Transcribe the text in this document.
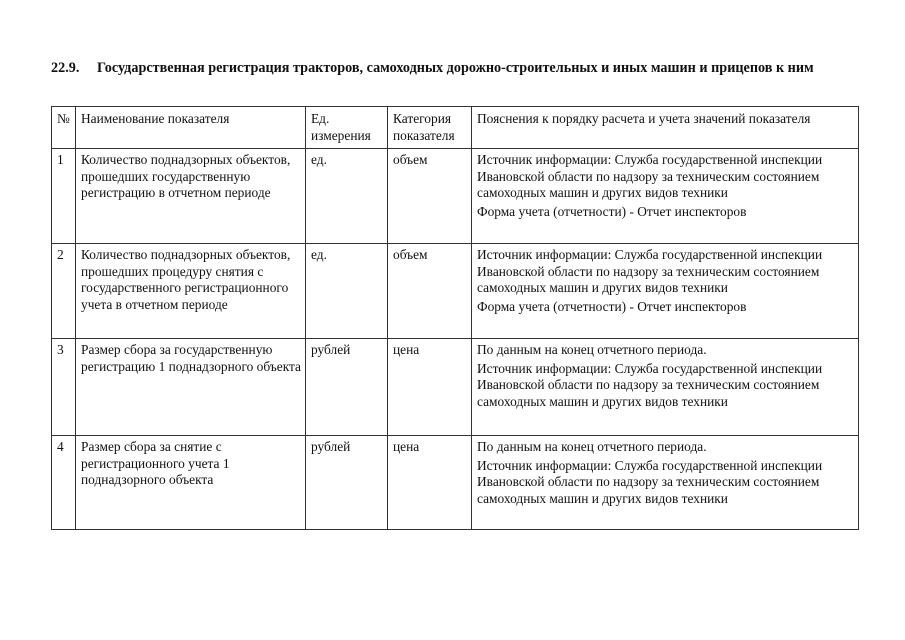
22.9. Государственная регистрация тракторов, самоходных дорожно-строительных и иных машин и прицепов к ним
№	Наименование показателя	Ед. измерения	Категория показателя	Пояснения к порядку расчета и учета значений показателя
1	Количество поднадзорных объектов, прошедших государственную регистрацию в отчетном периоде	ед.	объем	Источник информации: Служба государственной инспекции Ивановской области по надзору за техническим состоянием самоходных машин и других видов техники

Форма учета (отчетности) - Отчет инспекторов

2	Количество поднадзорных объектов, прошедших процедуру снятия с государственного регистрационного учета в отчетном периоде	ед.	объем	Источник информации: Служба государственной инспекции Ивановской области по надзору за техническим состоянием самоходных машин и других видов техники

Форма учета (отчетности) - Отчет инспекторов

3	Размер сбора за государственную регистрацию 1 поднадзорного объекта	рублей	цена	По данным на конец отчетного периода.

Источник информации: Служба государственной инспекции Ивановской области по надзору за техническим состоянием самоходных машин и других видов техники

4	Размер сбора за снятие с регистрационного учета 1 поднадзорного объекта	рублей	цена	По данным на конец отчетного периода.

Источник информации: Служба государственной инспекции Ивановской области по надзору за техническим состоянием самоходных машин и других видов техники
